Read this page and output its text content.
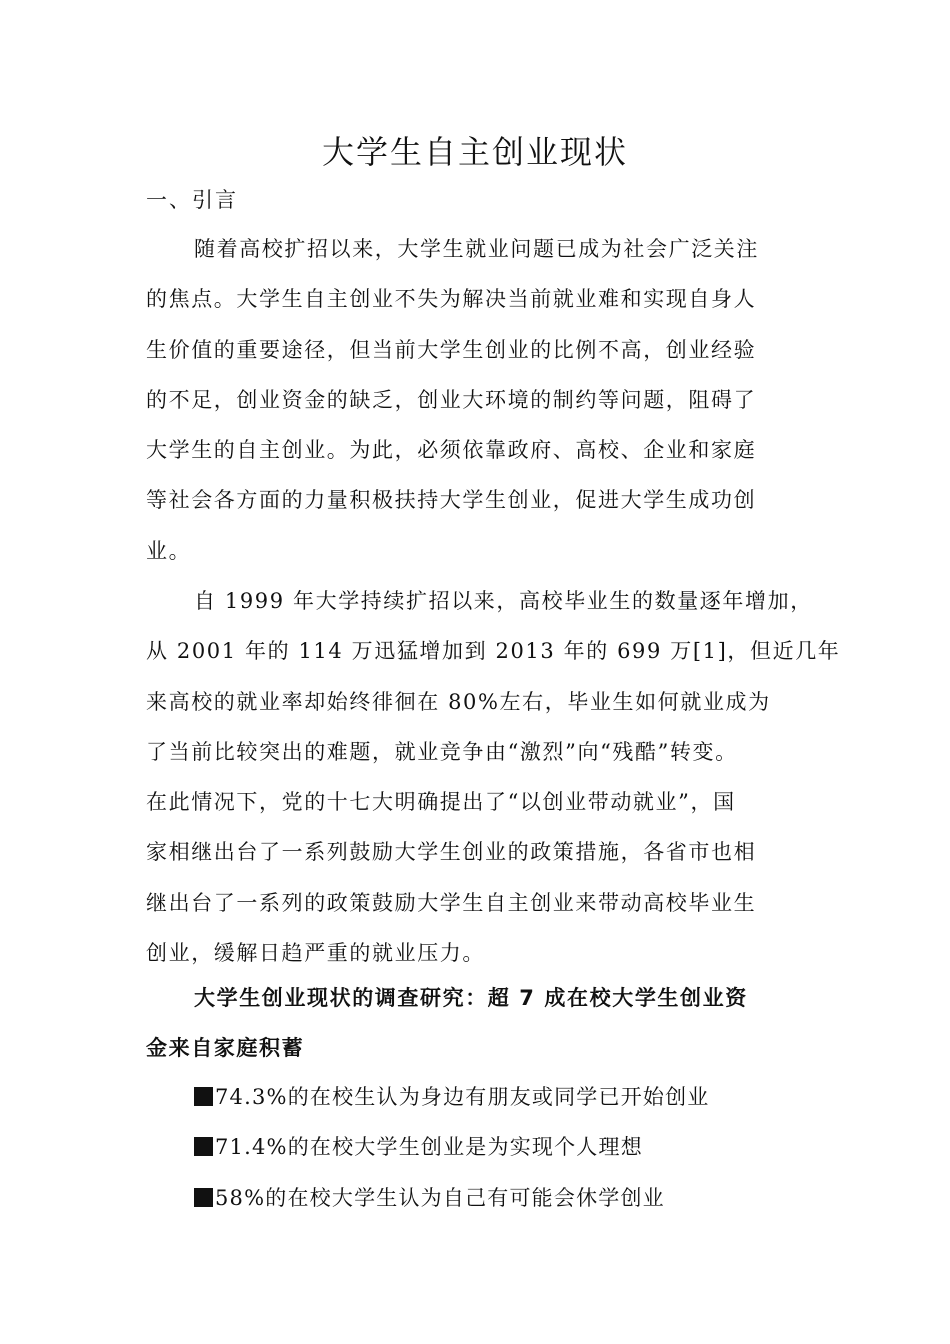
大学生自主创业现状
一、引言

随着高校扩招以来，大学生就业问题已成为社会广泛关注
的焦点。大学生自主创业不失为解决当前就业难和实现自身人
生价值的重要途径，但当前大学生创业的比例不高，创业经验
的不足，创业资金的缺乏，创业大环境的制约等问题，阻碍了
大学生的自主创业。为此，必须依靠政府、高校、企业和家庭
等社会各方面的力量积极扶持大学生创业，促进大学生成功创
业。

自 1999 年大学持续扩招以来，高校毕业生的数量逐年增加，
从 2001 年的 114 万迅猛增加到 2013 年的 699 万[1]，但近几年
来高校的就业率却始终徘徊在 80%左右，毕业生如何就业成为
了当前比较突出的难题，就业竞争由“激烈”向“残酷”转变。
在此情况下，党的十七大明确提出了“以创业带动就业”，国
家相继出台了一系列鼓励大学生创业的政策措施，各省市也相
继出台了一系列的政策鼓励大学生自主创业来带动高校毕业生
创业，缓解日趋严重的就业压力。

大学生创业现状的调查研究：超 7 成在校大学生创业资
金来自家庭积蓄
74.3%的在校生认为身边有朋友或同学已开始创业
71.4%的在校大学生创业是为实现个人理想
58%的在校大学生认为自己有可能会休学创业
